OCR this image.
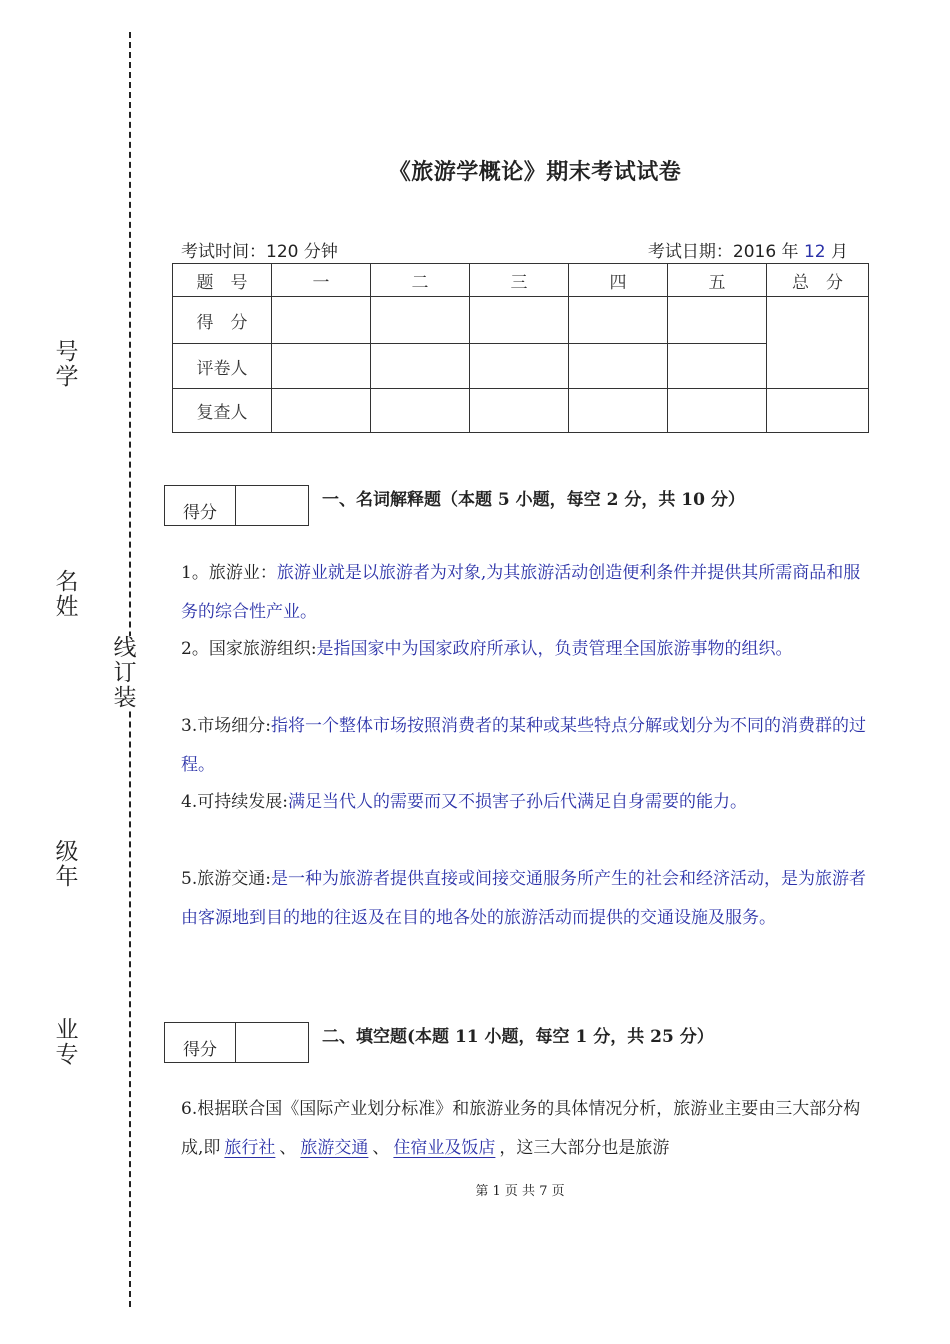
号
学
名
姓
线
订
装
级
年
业
专
《旅游学概论》期末考试试卷
考试时间：120 分钟	考试日期：2016 年 12 月
题　号	一	二	三	四	五	总　分
得　分						
评卷人						
复查人						
得分
一、名词解释题（本题 5 小题，每空 2 分，共 10 分）
1。旅游业：旅游业就是以旅游者为对象,为其旅游活动创造便利条件并提供其所需商品和服务的综合性产业。
2。国家旅游组织:是指国家中为国家政府所承认，负责管理全国旅游事物的组织。
3.市场细分:指将一个整体市场按照消费者的某种或某些特点分解或划分为不同的消费群的过程。
4.可持续发展:满足当代人的需要而又不损害子孙后代满足自身需要的能力。
5.旅游交通:是一种为旅游者提供直接或间接交通服务所产生的社会和经济活动，是为旅游者由客源地到目的地的往返及在目的地各处的旅游活动而提供的交通设施及服务。
得分
二、填空题(本题 11 小题，每空 1 分，共 25 分）
6.根据联合国《国际产业划分标准》和旅游业务的具体情况分析，旅游业主要由三大部分构成,即 旅行社 、 旅游交通 、 住宿业及饭店 ，这三大部分也是旅游
第 1 页 共 7 页
